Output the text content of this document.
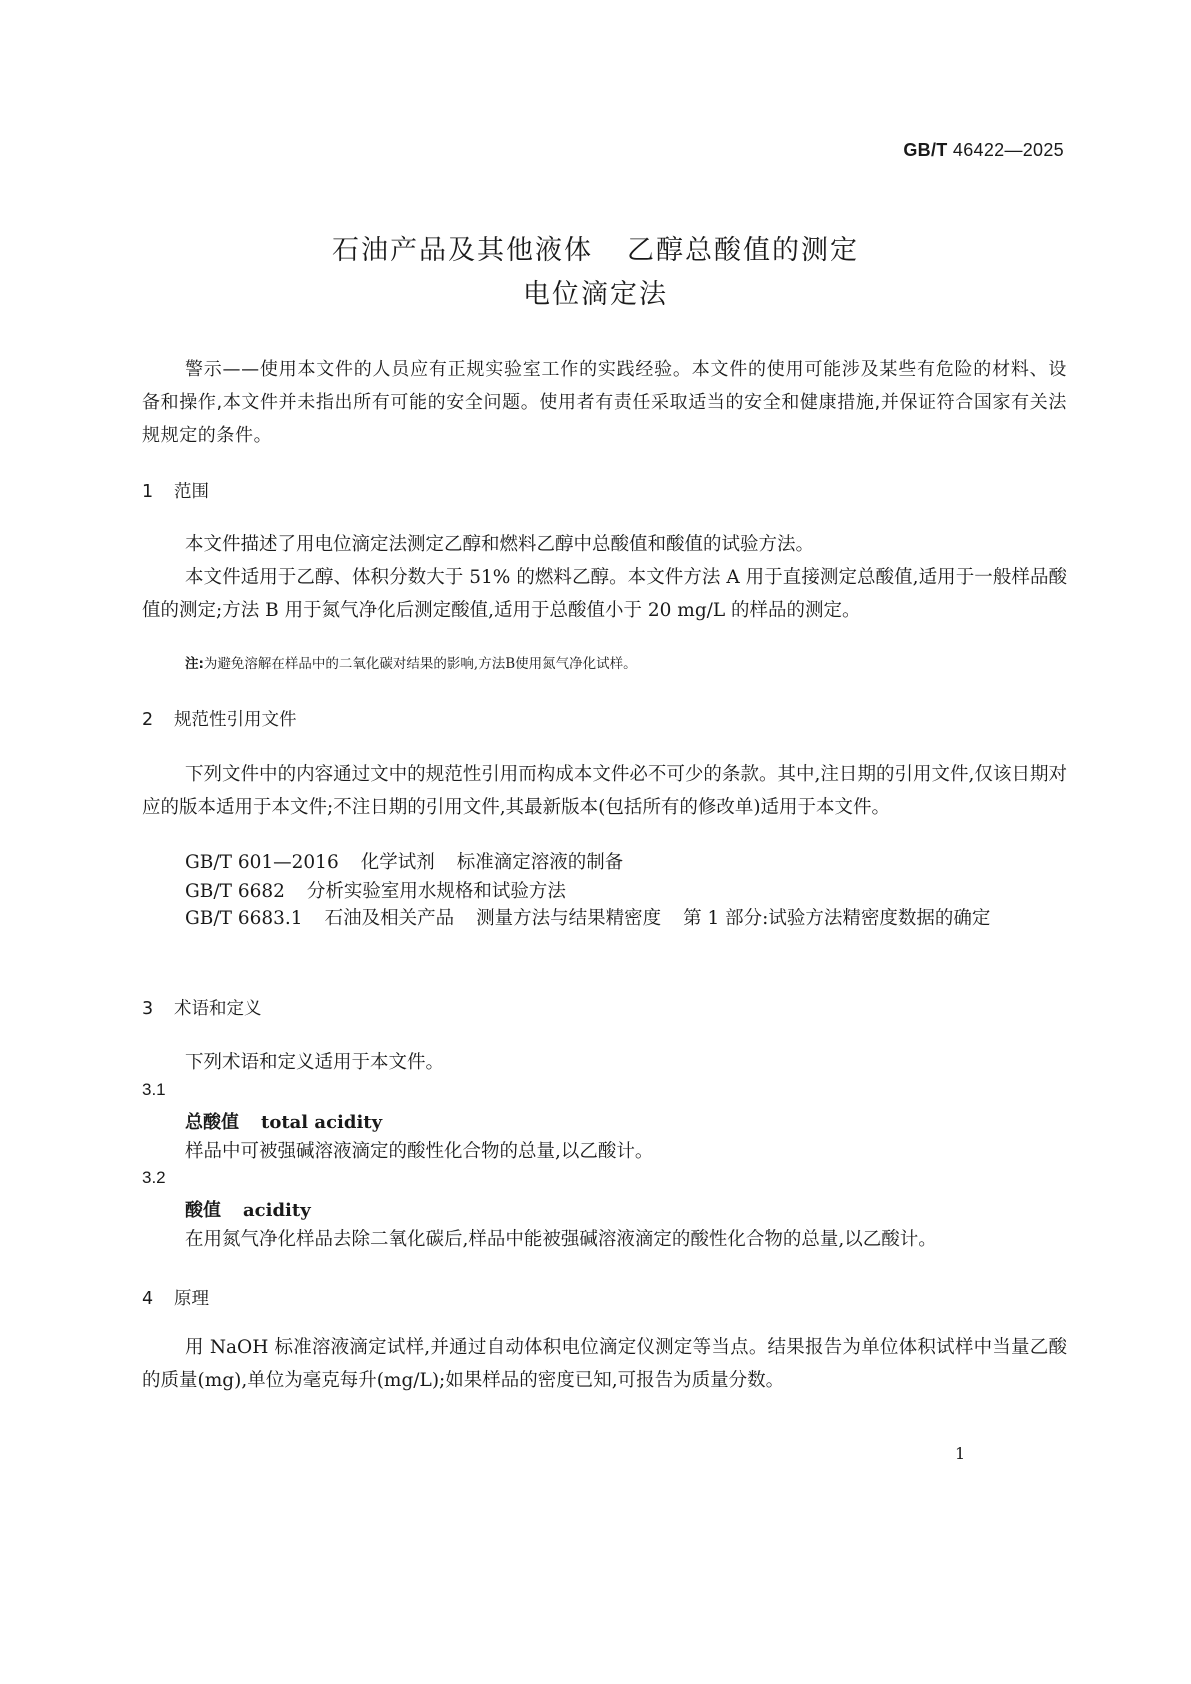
GB/T 46422—2025
石油产品及其他液体 乙醇总酸值的测定
电位滴定法
警示——使用本文件的人员应有正规实验室工作的实践经验。本文件的使用可能涉及某些有危险的材料、设备和操作,本文件并未指出所有可能的安全问题。使用者有责任采取适当的安全和健康措施,并保证符合国家有关法规规定的条件。
1 范围
本文件描述了用电位滴定法测定乙醇和燃料乙醇中总酸值和酸值的试验方法。
本文件适用于乙醇、体积分数大于 51% 的燃料乙醇。本文件方法 A 用于直接测定总酸值,适用于一般样品酸值的测定;方法 B 用于氮气净化后测定酸值,适用于总酸值小于 20 mg/L 的样品的测定。
注:为避免溶解在样品中的二氧化碳对结果的影响,方法B使用氮气净化试样。
2 规范性引用文件
下列文件中的内容通过文中的规范性引用而构成本文件必不可少的条款。其中,注日期的引用文件,仅该日期对应的版本适用于本文件;不注日期的引用文件,其最新版本(包括所有的修改单)适用于本文件。
GB/T 601—2016 化学试剂 标准滴定溶液的制备
GB/T 6682 分析实验室用水规格和试验方法
GB/T 6683.1 石油及相关产品 测量方法与结果精密度 第 1 部分:试验方法精密度数据的确定
3 术语和定义
下列术语和定义适用于本文件。
3.1
总酸值 total acidity
样品中可被强碱溶液滴定的酸性化合物的总量,以乙酸计。
3.2
酸值 acidity
在用氮气净化样品去除二氧化碳后,样品中能被强碱溶液滴定的酸性化合物的总量,以乙酸计。
4 原理
用 NaOH 标准溶液滴定试样,并通过自动体积电位滴定仪测定等当点。结果报告为单位体积试样中当量乙酸的质量(mg),单位为毫克每升(mg/L);如果样品的密度已知,可报告为质量分数。
1
